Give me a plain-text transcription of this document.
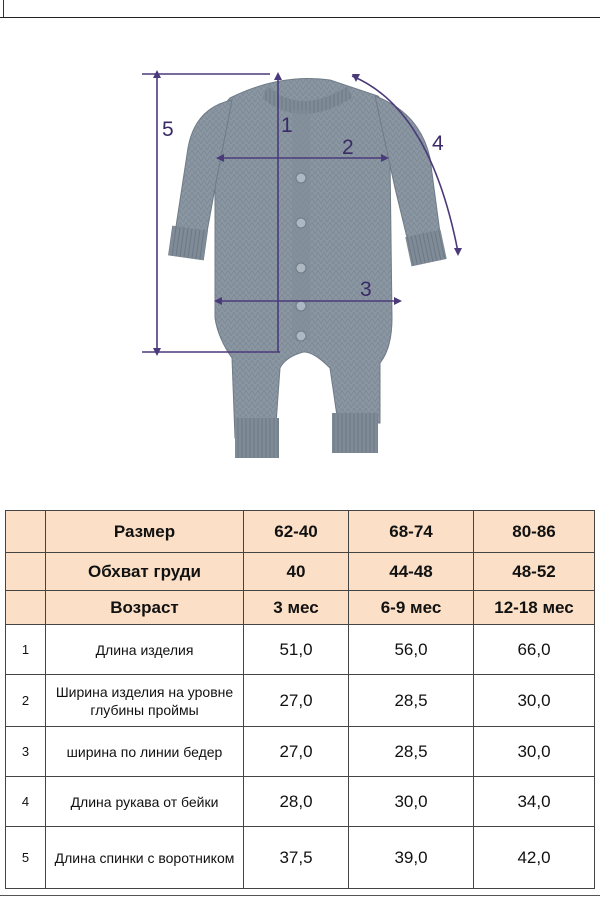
5	1
2
3
4
	Размер	62-40	68-74	80-86
	Обхват груди	40	44-48	48-52
	Возраст	3 мес	6-9 мес	12-18 мес
1	Длина изделия	51,0	56,0	66,0
2	Ширина изделия на уровне глубины проймы	27,0	28,5	30,0
3	ширина по линии бедер	27,0	28,5	30,0
4	Длина рукава от бейки	28,0	30,0	34,0
5	Длина спинки с воротником	37,5	39,0	42,0
